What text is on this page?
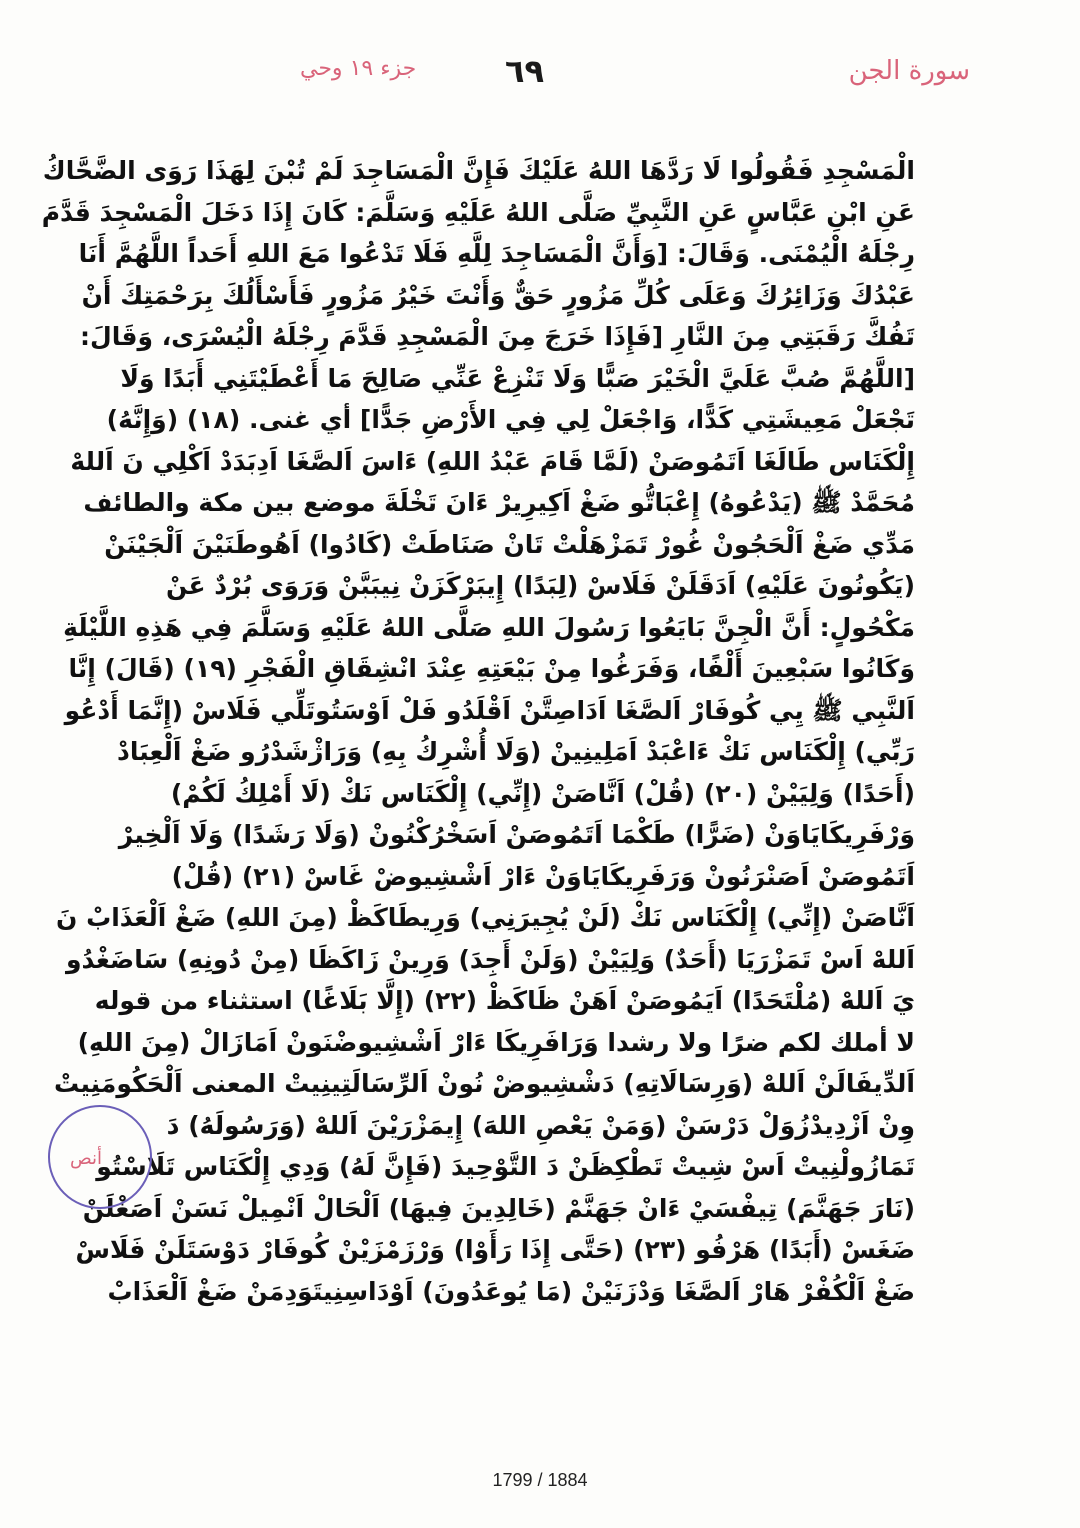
جزء ١٩ وحي	٦٩	سورة الجن
الْمَسْجِدِ فَقُولُوا لَا رَدَّهَا اللهُ عَلَيْكَ فَإِنَّ الْمَسَاجِدَ لَمْ تُبْنَ لِهَذَا رَوَى الضَّحَّاكُ
عَنِ ابْنِ عَبَّاسٍ عَنِ النَّبِيِّ صَلَّى اللهُ عَلَيْهِ وَسَلَّمَ: كَانَ إِذَا دَخَلَ الْمَسْجِدَ قَدَّمَ
رِجْلَهُ الْيُمْنَى. وَقَالَ: [وَأَنَّ الْمَسَاجِدَ لِلَّهِ فَلَا تَدْعُوا مَعَ اللهِ أَحَداً اللَّهُمَّ أَنَا
عَبْدُكَ وَزَائِرُكَ وَعَلَى كُلِّ مَزُورٍ حَقٌّ وَأَنْتَ خَيْرُ مَزُورٍ فَأَسْأَلُكَ بِرَحْمَتِكَ أَنْ
تَفُكَّ رَقَبَتِي مِنَ النَّارِ [فَإِذَا خَرَجَ مِنَ الْمَسْجِدِ قَدَّمَ رِجْلَهُ الْيُسْرَى، وَقَالَ:
[اللَّهُمَّ صُبَّ عَلَيَّ الْخَيْرَ صَبًّا وَلَا تَنْزِعْ عَنِّي صَالِحَ مَا أَعْطَيْتَنِي أَبَدًا وَلَا
تَجْعَلْ مَعِيشَتِي كَدًّا، وَاجْعَلْ لِي فِي الأَرْضِ جَدًّا] أي غنى. (١٨) (وَإِنَّهُ)
إِلْكَنَاس طَالَغَا اَتَمُوصَنْ (لَمَّا قَامَ عَبْدُ اللهِ) ءَاسَ اَلصَّغَا اَدِبَدَدْ اَكْلِي نَ اَللهْ
مُحَمَّدْ ﷺ (يَدْعُوهُ) إِعْبَاتُّو ضَغْ اَكِيرِيرْ ءَانَ تَخْلَةَ موضع بين مكة والطائف
مَدِّي ضَغْ اَلْحَجُونْ غُورْ تَمَزْهَلْتْ تَانْ صَنَاطَتْ (كَادُوا) اَهُوطَنَيْنَ اَلْجَيْنَنْ
(يَكُونُونَ عَلَيْهِ) اَدَقَلَنْ فَلَاسْ (لِبَدًا) إِيبَرْكَزَنْ نِيبَبَّنْ وَرَوَى بُرْدٌ عَنْ
مَكْحُولٍ: أَنَّ الْجِنَّ بَايَعُوا رَسُولَ اللهِ صَلَّى اللهُ عَلَيْهِ وَسَلَّمَ فِي هَذِهِ اللَّيْلَةِ
وَكَانُوا سَبْعِينَ أَلْفًا، وَفَرَغُوا مِنْ بَيْعَتِهِ عِنْدَ انْشِقَاقِ الْفَجْرِ (١٩) (قَالَ) إِنَّا
اَلنَّبِي ﷺ يِي كُوفَارْ اَلصَّغَا اَدَاصِتَّنْ اَقْلَدُو فَلْ اَوْسَتُوتَلِّي فَلَاسْ (إِنَّمَا أَدْعُو
رَبِّي) إِلْكَنَاس نَكْ ءَاعْبَدْ اَمَلِينِينْ (وَلَا أُشْرِكُ بِهِ) وَرَاژْشَدْرُو ضَغْ اَلْعِبَادْ
(أَحَدًا) وَلِيَيْنْ (٢٠) (قُلْ) اَنَّاصَنْ (إِنِّي) إِلْكَنَاس نَكْ (لَا أَمْلِكُ لَكُمْ)
وَرْفَرِيكَايَاوَنْ (ضَرًّا) طَكْمَا اَتَمُوصَنْ اَسَخْرُكْنُونْ (وَلَا رَشَدًا) وَلَا اَلْخِيرْ
اَتَمُوصَنْ اَصَنْرَنُونْ وَرَفَرِيكَايَاوَنْ ءَارْ اَشْشِيوضْ غَاسْ (٢١) (قُلْ)
اَنَّاصَنْ (إِنِّي) إِلْكَنَاس نَكْ (لَنْ يُجِيرَنِي) وَرِيطَاكَظْ (مِنَ اللهِ) ضَغْ اَلْعَذَابْ نَ
اَللهْ اَسْ تَمَزْرَيَا (أَحَدٌ) وَلِيَيْنْ (وَلَنْ أَجِدَ) وَرِينْ زَاكَظَا (مِنْ دُونِهِ) سَاضَغْدُو
يَ اَللهْ (مُلْتَحَدًا) اَيَمُوصَنْ اَهَنْ ظَاكَظْ (٢٢) (إِلَّا بَلَاغًا) استثناء من قوله
لا أملك لكم ضرًا ولا رشدا وَرَافَرِيكَا ءَارْ اَشْشِيوضْنَونْ اَمَازَالْ (مِنَ اللهِ)
اَلدِّيفَالَنْ اَللهْ (وَرِسَالَاتِهِ) دَشْشِيوضْ نُونْ اَلرِّسَالَتِينِيتْ المعنى اَلْحَكُومَنِيتْ
وِنْ اَزْدِيدْزُوَلْ دَرْسَنْ (وَمَنْ يَعْصِ اللهَ) إِيمَزْرَيْنَ اَللهْ (وَرَسُولَهُ) دَ
تَمَازُولْنِيتْ اَسْ شِيتْ تَطْكِظَنْ دَ التَّوْحِيدَ (فَإِنَّ لَهُ) وَدِي إِلْكَنَاس تَلَاسْتُو
(نَارَ جَهَنَّمَ) تِيفْسَيْ ءَانْ جَهَنَّمْ (خَالِدِينَ فِيهَا) اَلْحَالْ اَنْمِيلْ نَسَنْ اَصَغْلَنْ
ضَغَسْ (أَبَدًا) هَرْفُو (٢٣) (حَتَّى إِذَا رَأَوْا) وَرْزَمْزَيْنْ كُوفَارْ دَوْسَتَلَنْ فَلَاسْ
ضَغْ اَلْكُفْرْ هَارْ اَلصَّغَا وَدْزَنَيْنْ (مَا يُوعَدُونَ) اَوْدَاسِنِيتَوَدِمَنْ ضَغْ اَلْعَذَابْ
أنص
1799 / 1884
